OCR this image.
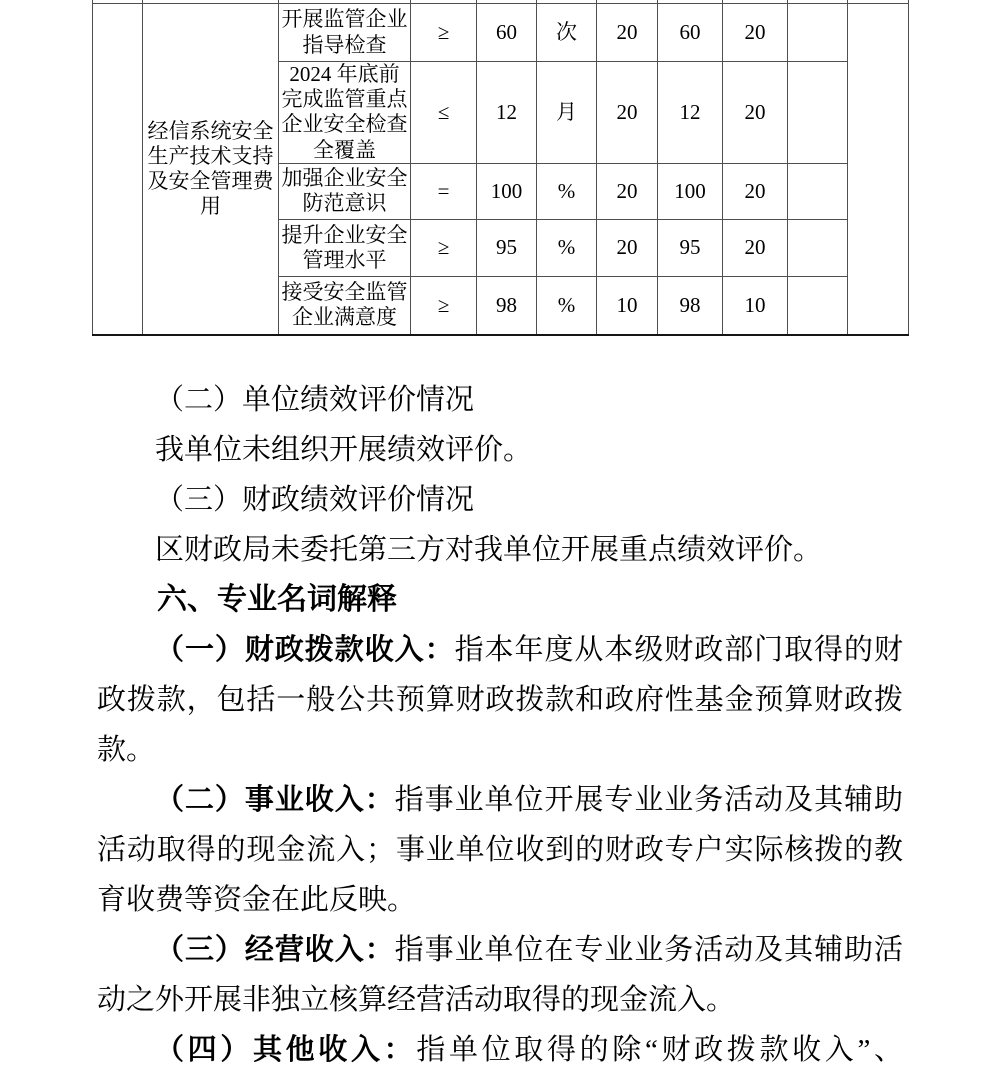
	经信系统安全生产技术支持及安全管理费用	开展监管企业指导检查	≥	60	次	20	60	20		
		2024 年底前完成监管重点企业安全检查全覆盖	≤	12	月	20	12	20		
		加强企业安全防范意识	=	100	%	20	100	20		
		提升企业安全管理水平	≥	95	%	20	95	20		
		接受安全监管企业满意度	≥	98	%	10	98	10		

（二）单位绩效评价情况

我单位未组织开展绩效评价。

（三）财政绩效评价情况

区财政局未委托第三方对我单位开展重点绩效评价。

六、专业名词解释

（一）财政拨款收入：指本年度从本级财政部门取得的财政拨款，包括一般公共预算财政拨款和政府性基金预算财政拨款。

（二）事业收入：指事业单位开展专业业务活动及其辅助活动取得的现金流入；事业单位收到的财政专户实际核拨的教育收费等资金在此反映。

（三）经营收入：指事业单位在专业业务活动及其辅助活动之外开展非独立核算经营活动取得的现金流入。

（四）其他收入：指单位取得的除“财政拨款收入”、
